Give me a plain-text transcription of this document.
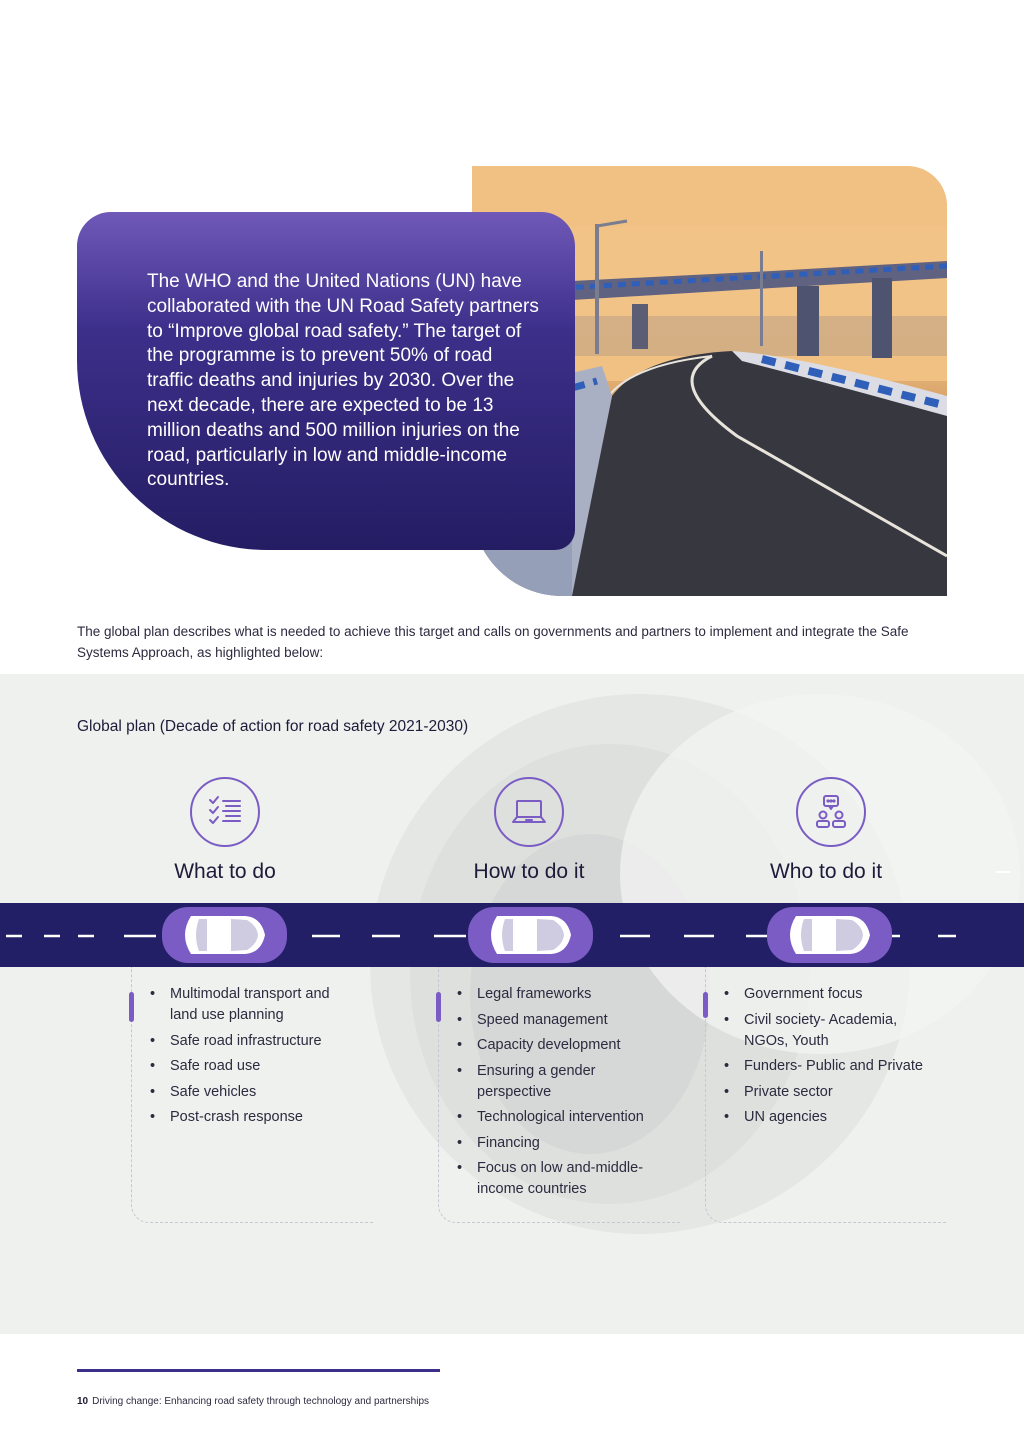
The WHO and the United Nations (UN) have collaborated with the UN Road Safety partners to “Improve global road safety.” The target of the programme is to prevent 50% of road traffic deaths and injuries by 2030. Over the next decade, there are expected to be 13 million deaths and 500 million injuries on the road, particularly in low and middle-income countries.

The global plan describes what is needed to achieve this target and calls on governments and partners to implement and integrate the Safe Systems Approach, as highlighted below:

Global plan (Decade of action for road safety 2021-2030)
What to do	How to do it	Who to do it
• Multimodal transport and land use planning
• Safe road infrastructure
• Safe road use
• Safe vehicles
• Post-crash response
• Legal frameworks
• Speed management
• Capacity development
• Ensuring a gender perspective
• Technological intervention
• Financing
• Focus on low and-middle-income countries
• Government focus
• Civil society- Academia, NGOs, Youth
• Funders- Public and Private
• Private sector
• UN agencies
10 Driving change: Enhancing road safety through technology and partnerships
